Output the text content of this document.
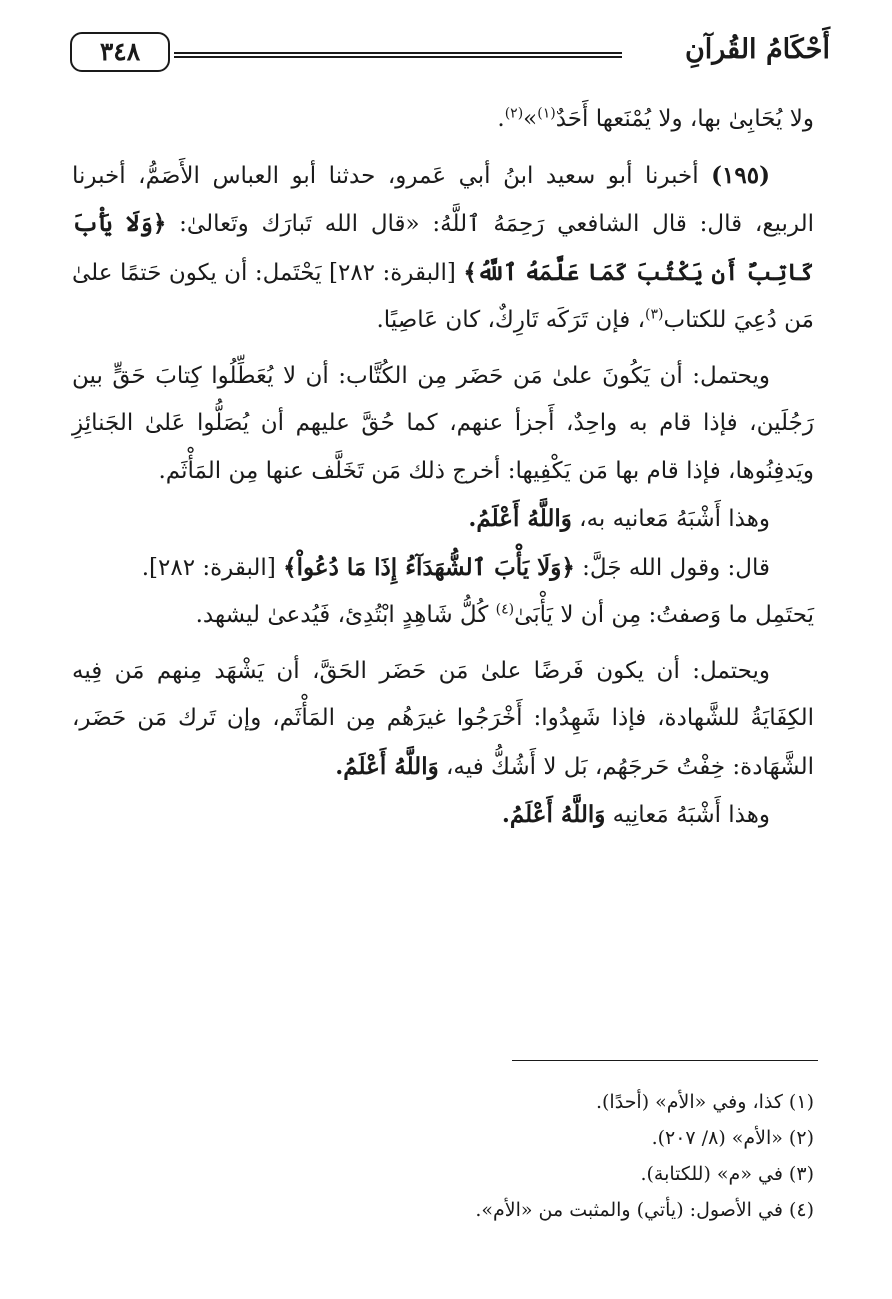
أَحْكَامُ القُرآنِ
٣٤٨

ولا يُحَابِىٰ بها، ولا يُمْنَعها أَحَدٌ$^{(١)}$»$^{(٢)}$.

(١٩٥) أخبرنا أبو سعيد ابنُ أبي عَمرو، حدثنا أبو العباس الأَصَمُّ، أخبرنا الربيع، قال: قال الشافعي رَحِمَهُ ٱللَّهُ: «قال الله تَبارَك وتَعالىٰ: ﴿وَلَا يَأْبَ كَاتِبٌ أَن يَكْتُبَ كَمَا عَلَّمَهُ ٱللَّهُ﴾ [البقرة: ٢٨٢] يَحْتَمل: أن يكون حَتمًا علىٰ مَن دُعِيَ للكتاب$^{(٣)}$، فإن تَرَكَه تَارِكٌ، كان عَاصِيًا.

ويحتمل: أن يَكُونَ علىٰ مَن حَضَر مِن الكُتَّاب: أن لا يُعَطِّلُوا كِتابَ حَقٍّ بين رَجُلَين، فإذا قام به واحِدٌ، أَجزأ عنهم، كما حُقَّ عليهم أن يُصَلُّوا عَلىٰ الجَنائِزِ ويَدفِنُوها، فإذا قام بها مَن يَكْفِيها: أخرج ذلك مَن تَخَلَّف عنها مِن المَأْثَم.

وهذا أَشْبَهُ مَعانيه به، وَاللَّهُ أَعْلَمُ.

قال: وقول الله جَلَّ: ﴿وَلَا يَأْبَ ٱلشُّهَدَآءُ إِذَا مَا دُعُواْ﴾ [البقرة: ٢٨٢].

يَحتَمِل ما وَصفتُ: مِن أن لا يَأْبَىٰ$^{(٤)}$ كُلُّ شَاهِدٍ ابْتُدِئ، فَيُدعىٰ ليشهد.

ويحتمل: أن يكون فَرضًا علىٰ مَن حَضَر الحَقَّ، أن يَشْهَد مِنهم مَن فِيه الكِفَايَةُ للشَّهادة، فإذا شَهِدُوا: أَخْرَجُوا غيرَهُم مِن المَأْثَم، وإن تَرك مَن حَضَر، الشَّهَادة: خِفْتُ حَرجَهُم، بَل لا أَشُكُّ فيه، وَاللَّهُ أَعْلَمُ.

وهذا أَشْبَهُ مَعانِيه وَاللَّهُ أَعْلَمُ.

(١) كذا، وفي «الأم» (أحدًا).

(٢) «الأم» (٨/ ٢٠٧).

(٣) في «م» (للكتابة).

(٤) في الأصول: (يأتي) والمثبت من «الأم».
